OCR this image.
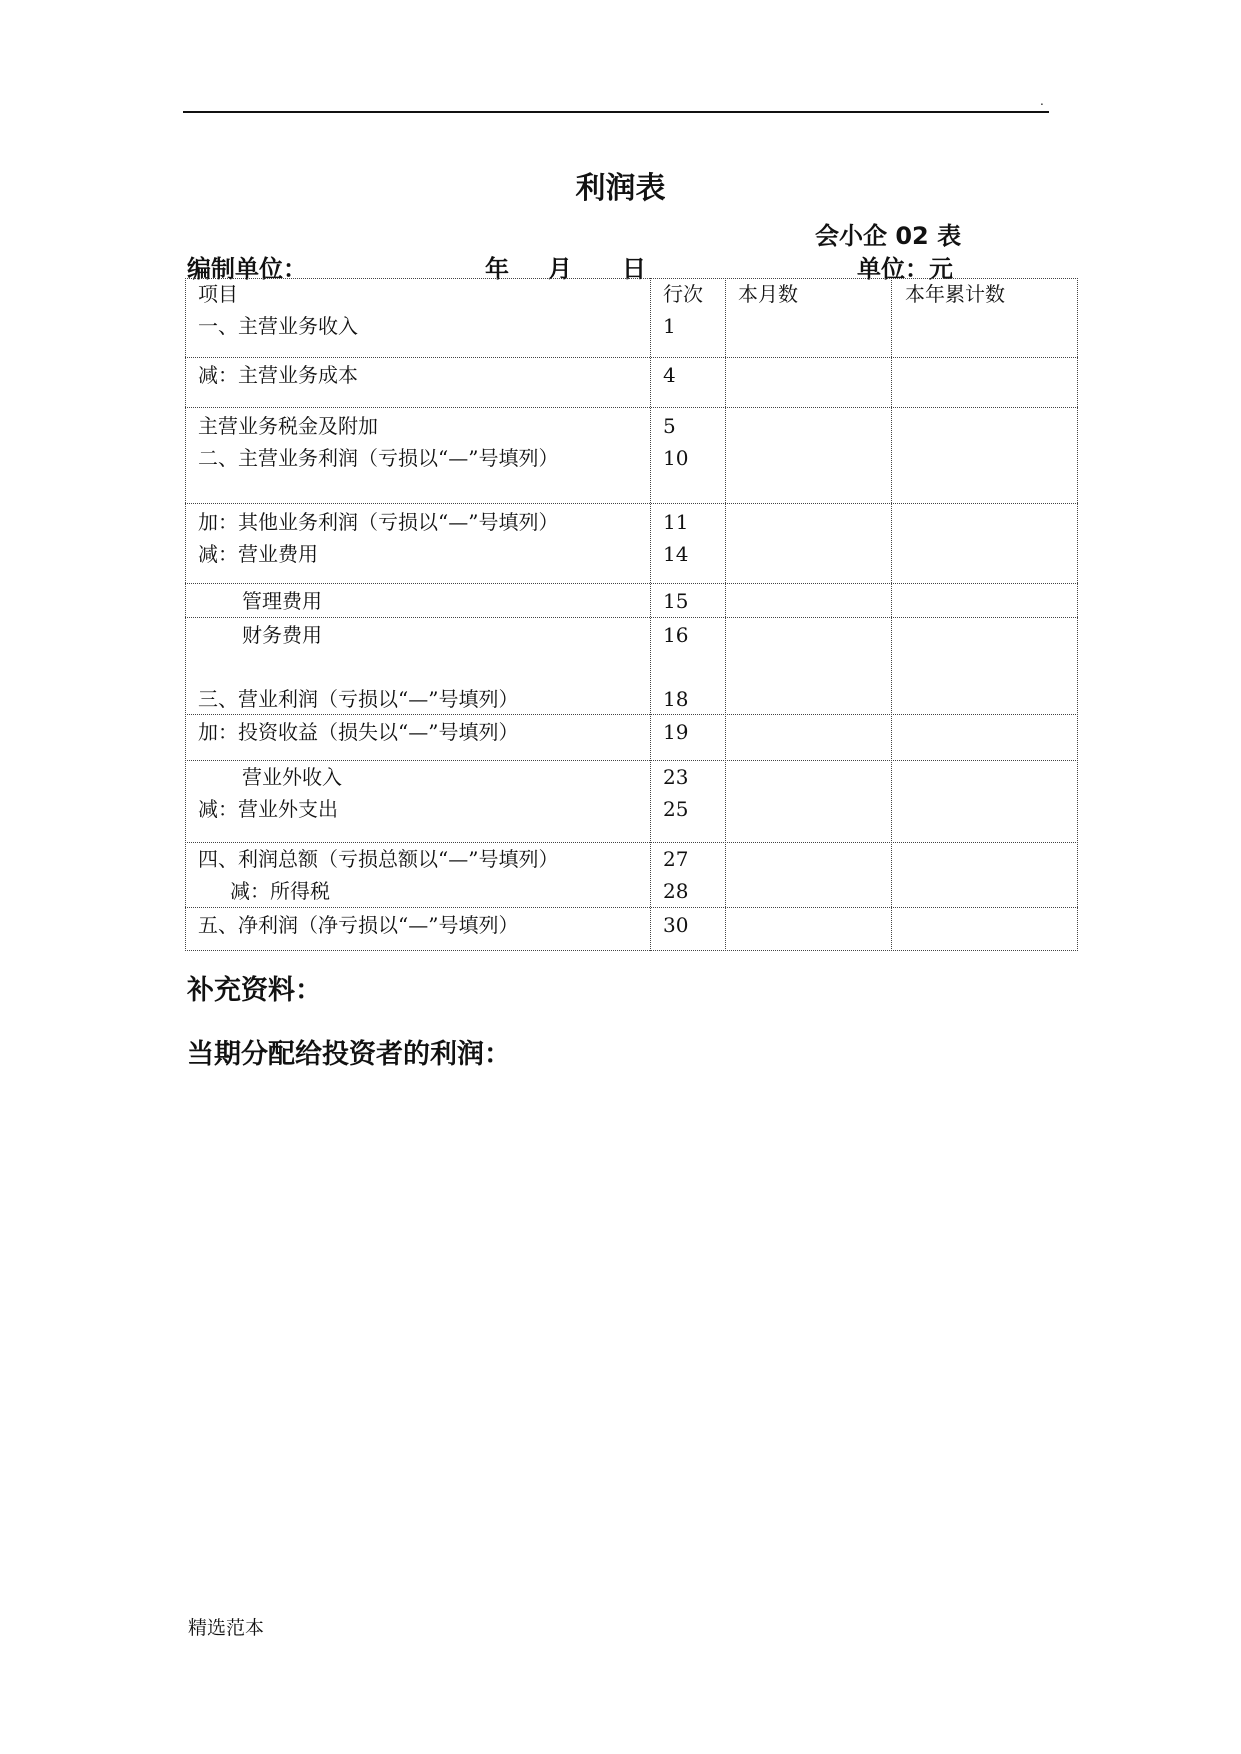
.
利润表
会小企 02 表
编制单位：	年 月 日	单位：元
项目	行次 本月数	本年累计数
一、主营业务收入	1
减：主营业务成本	4
主营业务税金及附加	5
二、主营业务利润（亏损以“—”号填列）	10
加：其他业务利润（亏损以“—”号填列）	11
减：营业费用	14
管理费用	15
财务费用	16
三、营业利润（亏损以“—”号填列）	18
加：投资收益（损失以“—”号填列）	19
营业外收入	23
减：营业外支出	25
四、利润总额（亏损总额以“—”号填列）	27
减：所得税	28
五、净利润（净亏损以“—”号填列）	30
补充资料：
当期分配给投资者的利润：
精选范本
